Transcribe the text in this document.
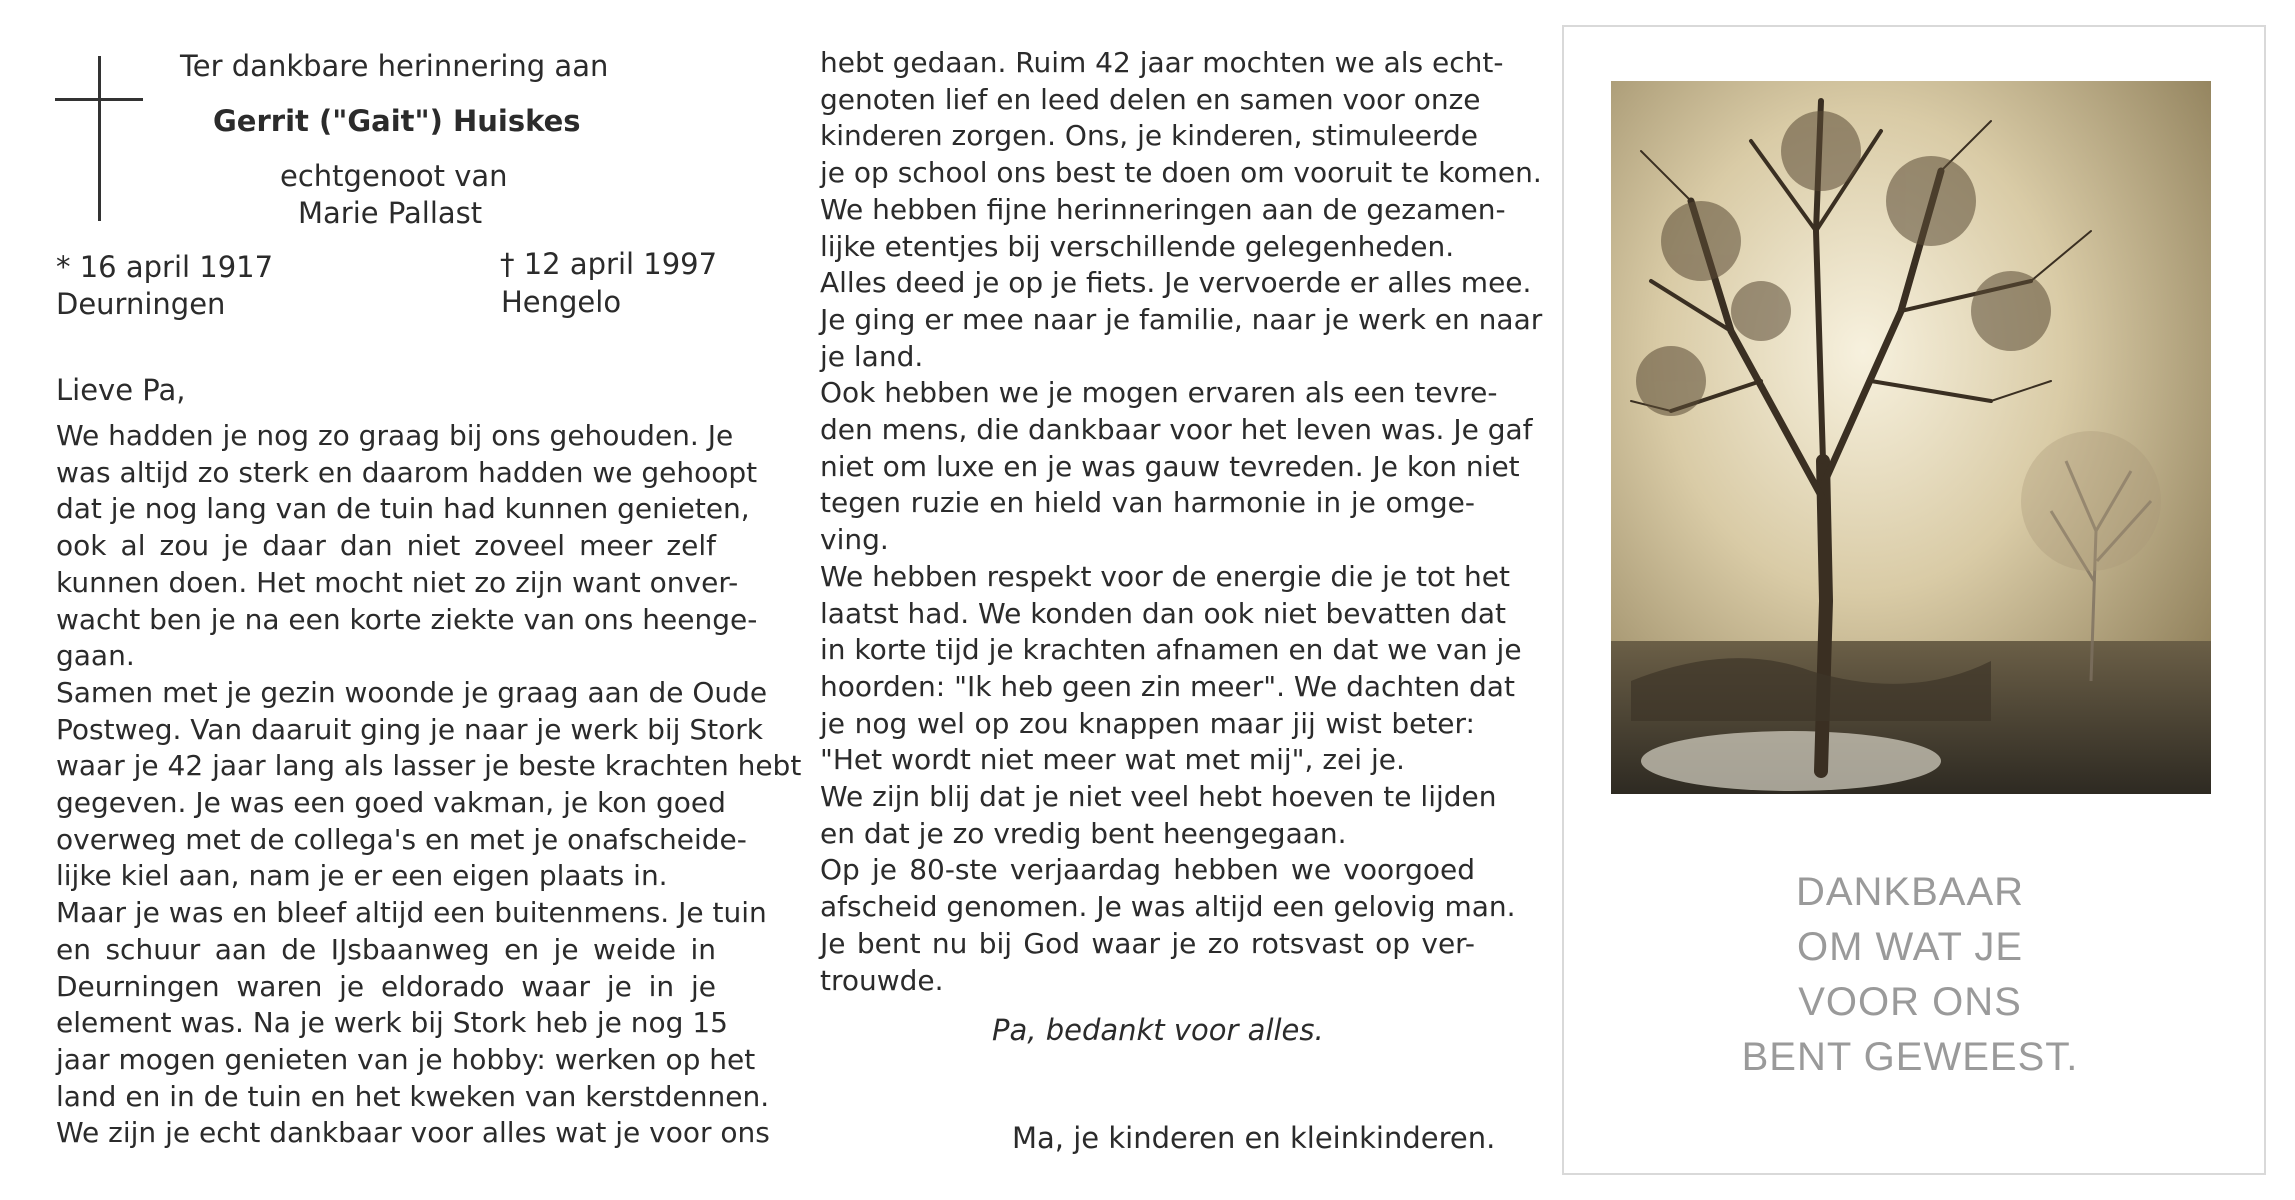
Ter dankbare herinnering aan
Gerrit ("Gait") Huiskes
echtgenoot van
Marie Pallast
* 16 april 1917
Deurningen
† 12 april 1997
Hengelo
Lieve Pa,
We hadden je nog zo graag bij ons gehouden. Je
was altijd zo sterk en daarom hadden we gehoopt
dat je nog lang van de tuin had kunnen genieten,
ook al zou je daar dan niet zoveel meer zelf
kunnen doen. Het mocht niet zo zijn want onver-
wacht ben je na een korte ziekte van ons heenge-
gaan.
Samen met je gezin woonde je graag aan de Oude
Postweg. Van daaruit ging je naar je werk bij Stork
waar je 42 jaar lang als lasser je beste krachten hebt
gegeven. Je was een goed vakman, je kon goed
overweg met de collega's en met je onafscheide-
lijke kiel aan, nam je er een eigen plaats in.
Maar je was en bleef altijd een buitenmens. Je tuin
en schuur aan de IJsbaanweg en je weide in
Deurningen waren je eldorado waar je in je
element was. Na je werk bij Stork heb je nog 15
jaar mogen genieten van je hobby: werken op het
land en in de tuin en het kweken van kerstdennen.
We zijn je echt dankbaar voor alles wat je voor ons
hebt gedaan. Ruim 42 jaar mochten we als echt-
genoten lief en leed delen en samen voor onze
kinderen zorgen. Ons, je kinderen, stimuleerde
je op school ons best te doen om vooruit te komen.
We hebben fijne herinneringen aan de gezamen-
lijke etentjes bij verschillende gelegenheden.
Alles deed je op je fiets. Je vervoerde er alles mee.
Je ging er mee naar je familie, naar je werk en naar
je land.
Ook hebben we je mogen ervaren als een tevre-
den mens, die dankbaar voor het leven was. Je gaf
niet om luxe en je was gauw tevreden. Je kon niet
tegen ruzie en hield van harmonie in je omge-
ving.
We hebben respekt voor de energie die je tot het
laatst had. We konden dan ook niet bevatten dat
in korte tijd je krachten afnamen en dat we van je
hoorden: "Ik heb geen zin meer". We dachten dat
je nog wel op zou knappen maar jij wist beter:
"Het wordt niet meer wat met mij", zei je.
We zijn blij dat je niet veel hebt hoeven te lijden
en dat je zo vredig bent heengegaan.
Op je 80-ste verjaardag hebben we voorgoed
afscheid genomen. Je was altijd een gelovig man.
Je bent nu bij God waar je zo rotsvast op ver-
trouwde.
Pa, bedankt voor alles.
Ma, je kinderen en kleinkinderen.
DANKBAAR
OM WAT JE
VOOR ONS
BENT GEWEEST.
